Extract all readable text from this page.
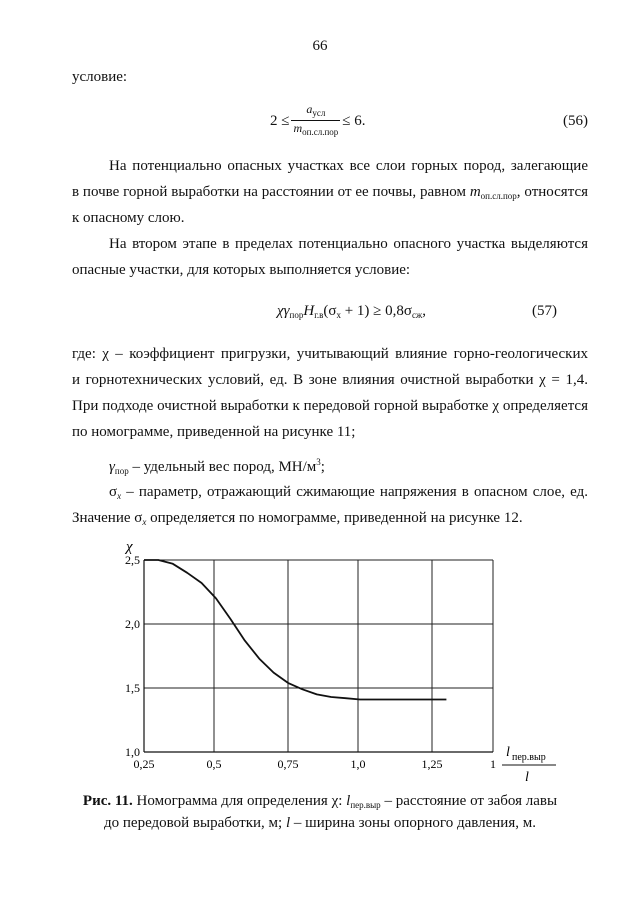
66
условие:
$2 \le \frac{a_{усл}}{m_{оп.сл.пор}} \le 6$.	(56)
На потенциально опасных участках все слои горных пород, залегающие
в почве горной выработки на расстоянии от ее почвы, равном $m_{оп.сл.пор}$, относятся
к опасному слою.
На втором этапе в пределах потенциально опасного участка выделяются
опасные участки, для которых выполняется условие:
$\chi\gamma_{пор}H_{г.в}(\sigma_x + 1) \ge 0,8\sigma_{сж}$,	(57)
где: χ – коэффициент пригрузки, учитывающий влияние горно-геологических
и горнотехнических условий, ед. В зоне влияния очистной выработки χ = 1,4.
При подходе очистной выработки к передовой горной выработке χ определяется
по номограмме, приведенной на рисунке 11;
$\gamma_{пор}$ – удельный вес пород, $МН/м^3$;
$\sigma_x$ – параметр, отражающий сжимающие напряжения в опасном слое, ед.
Значение $\sigma_x$ определяется по номограмме, приведенной на рисунке 12.
1,0
1,5
2,0
2,5
0,25	0,5	0,75	1,0	1,25	1
χ
l пер.выр
l
Рис. 11. Номограмма для определения χ: $l_{пер.выр}$ – расстояние от забоя лавы
до передовой выработки, м; l – ширина зоны опорного давления, м.
